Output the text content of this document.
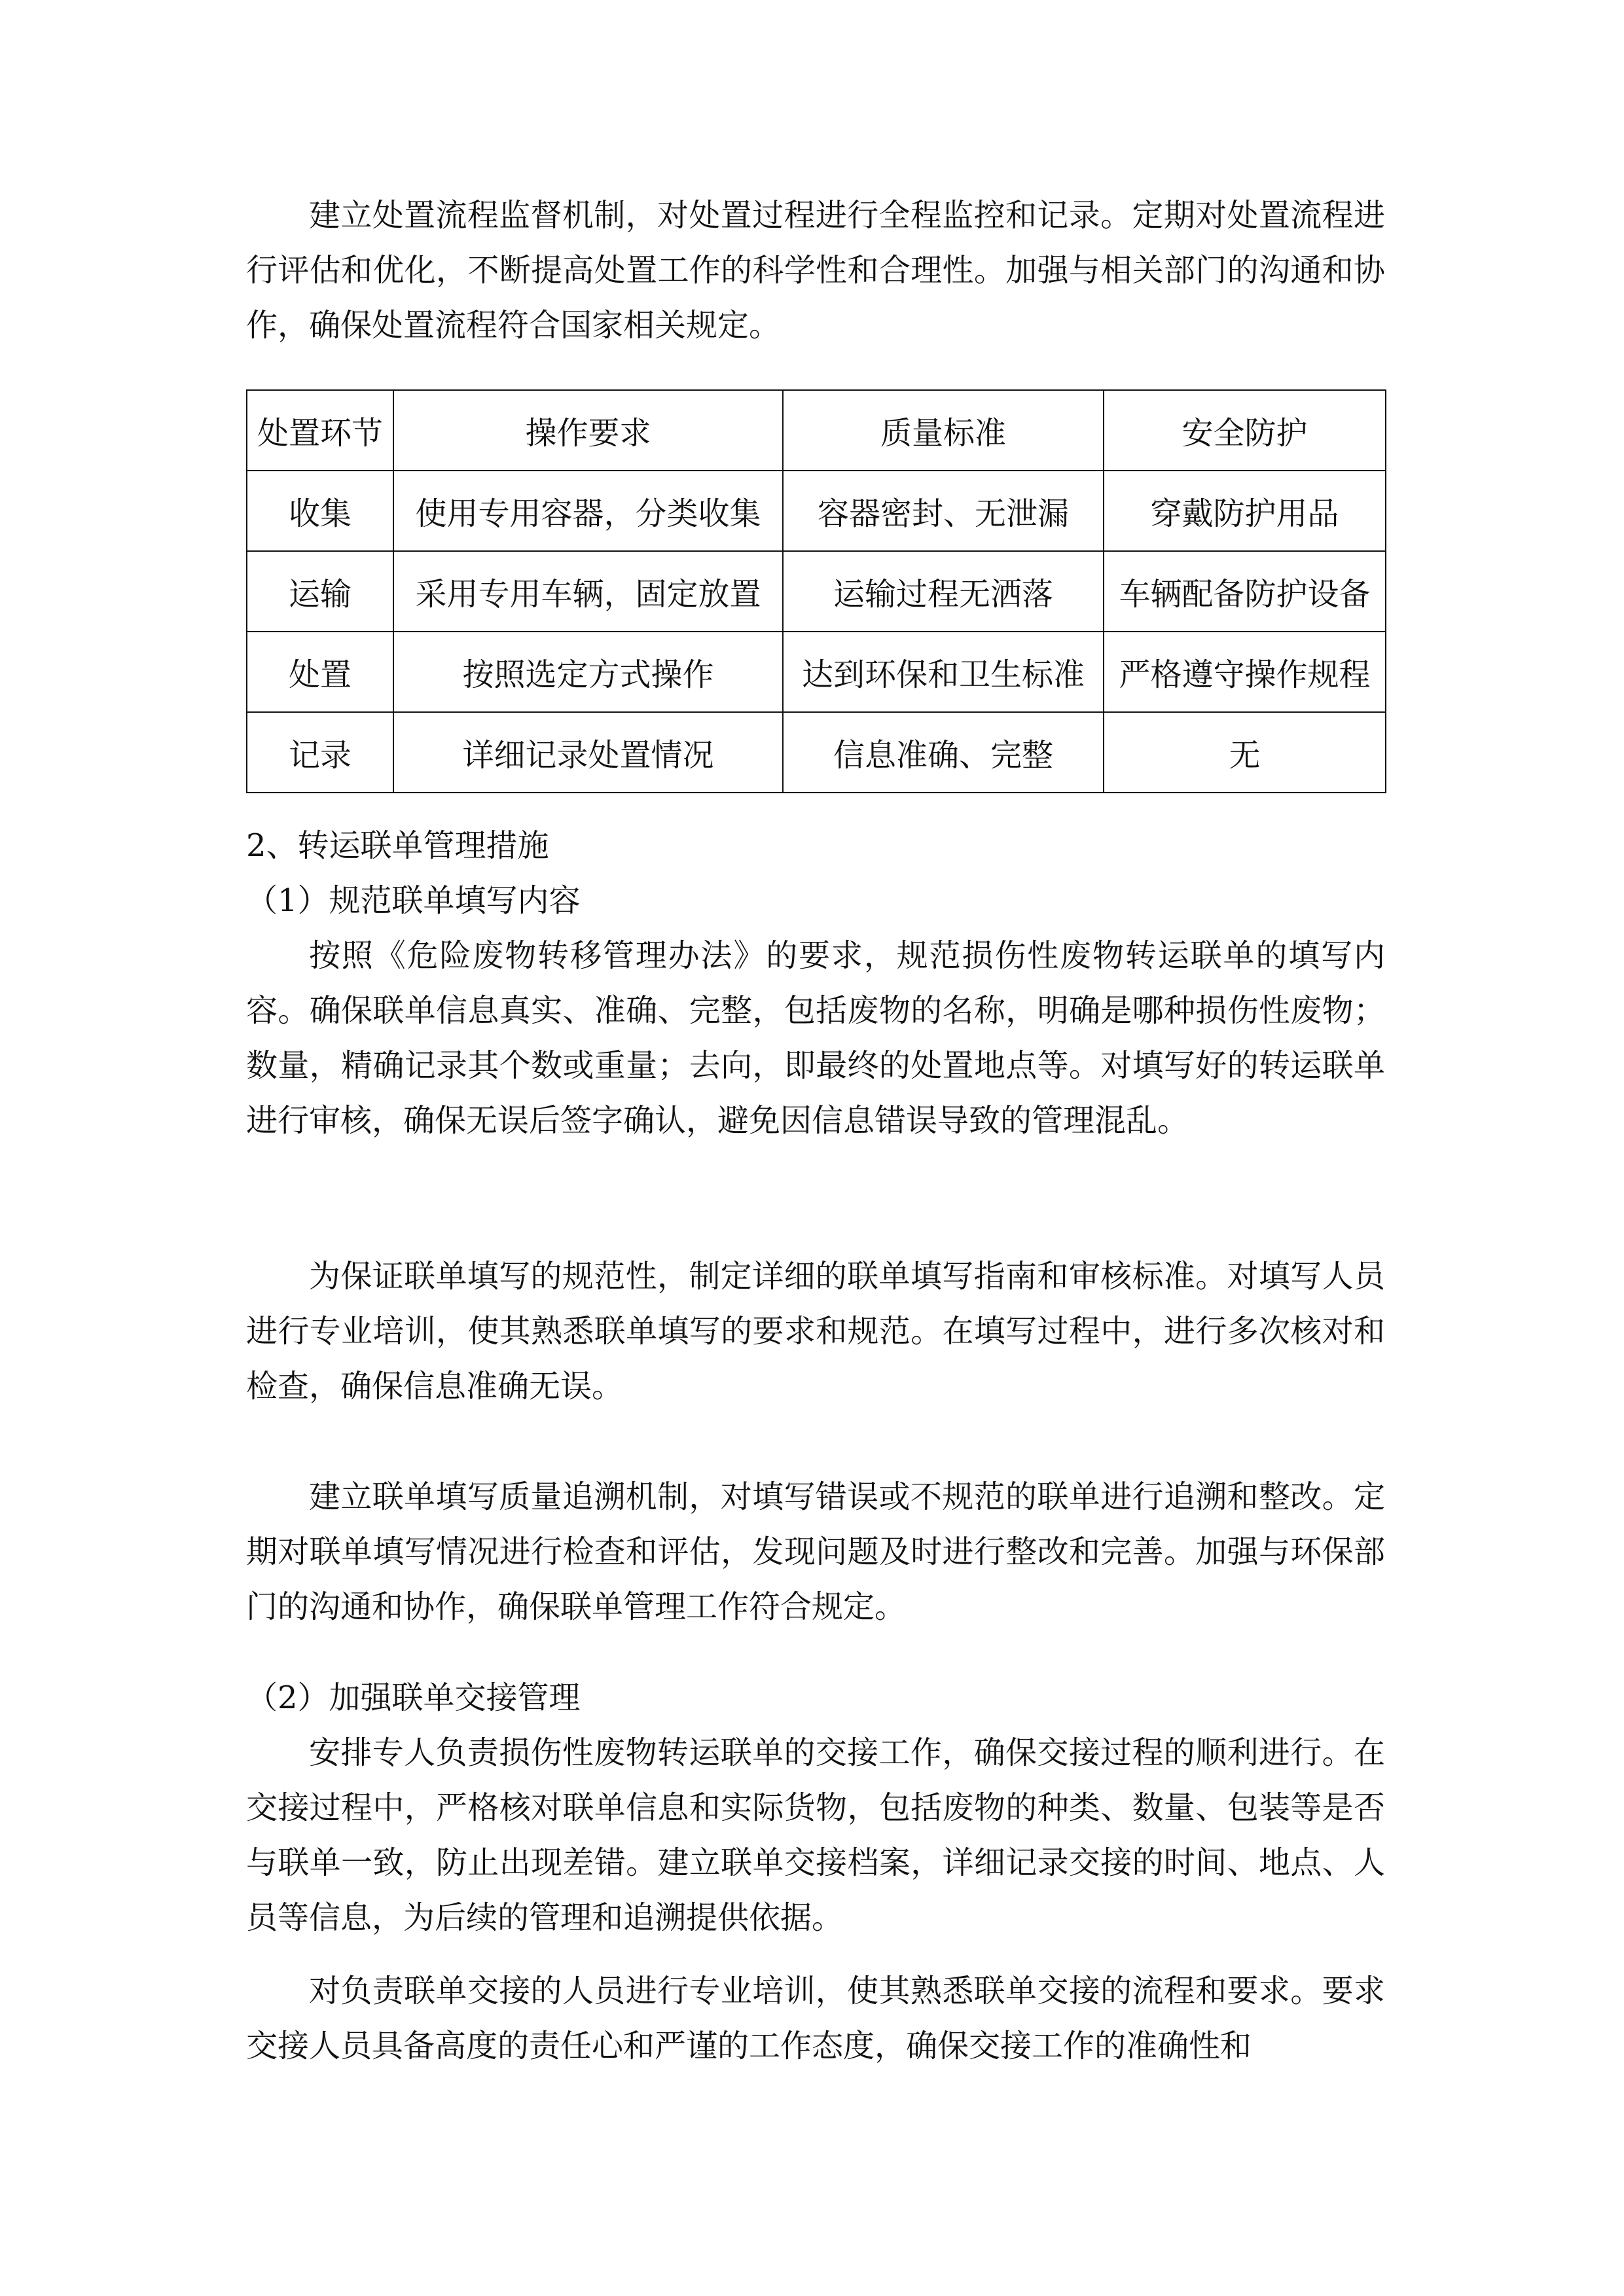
建立处置流程监督机制，对处置过程进行全程监控和记录。定期对处置流程进行评估和优化，不断提高处置工作的科学性和合理性。加强与相关部门的沟通和协作，确保处置流程符合国家相关规定。

处置环节	操作要求	质量标准	安全防护
收集	使用专用容器，分类收集	容器密封、无泄漏	穿戴防护用品
运输	采用专用车辆，固定放置	运输过程无洒落	车辆配备防护设备
处置	按照选定方式操作	达到环保和卫生标准	严格遵守操作规程
记录	详细记录处置情况	信息准确、完整	无

2、转运联单管理措施

（1）规范联单填写内容

按照《危险废物转移管理办法》的要求，规范损伤性废物转运联单的填写内容。确保联单信息真实、准确、完整，包括废物的名称，明确是哪种损伤性废物；数量，精确记录其个数或重量；去向，即最终的处置地点等。对填写好的转运联单进行审核，确保无误后签字确认，避免因信息错误导致的管理混乱。

为保证联单填写的规范性，制定详细的联单填写指南和审核标准。对填写人员进行专业培训，使其熟悉联单填写的要求和规范。在填写过程中，进行多次核对和检查，确保信息准确无误。

建立联单填写质量追溯机制，对填写错误或不规范的联单进行追溯和整改。定期对联单填写情况进行检查和评估，发现问题及时进行整改和完善。加强与环保部门的沟通和协作，确保联单管理工作符合规定。

（2）加强联单交接管理

安排专人负责损伤性废物转运联单的交接工作，确保交接过程的顺利进行。在交接过程中，严格核对联单信息和实际货物，包括废物的种类、数量、包装等是否与联单一致，防止出现差错。建立联单交接档案，详细记录交接的时间、地点、人员等信息，为后续的管理和追溯提供依据。

对负责联单交接的人员进行专业培训，使其熟悉联单交接的流程和要求。要求交接人员具备高度的责任心和严谨的工作态度，确保交接工作的准确性和
